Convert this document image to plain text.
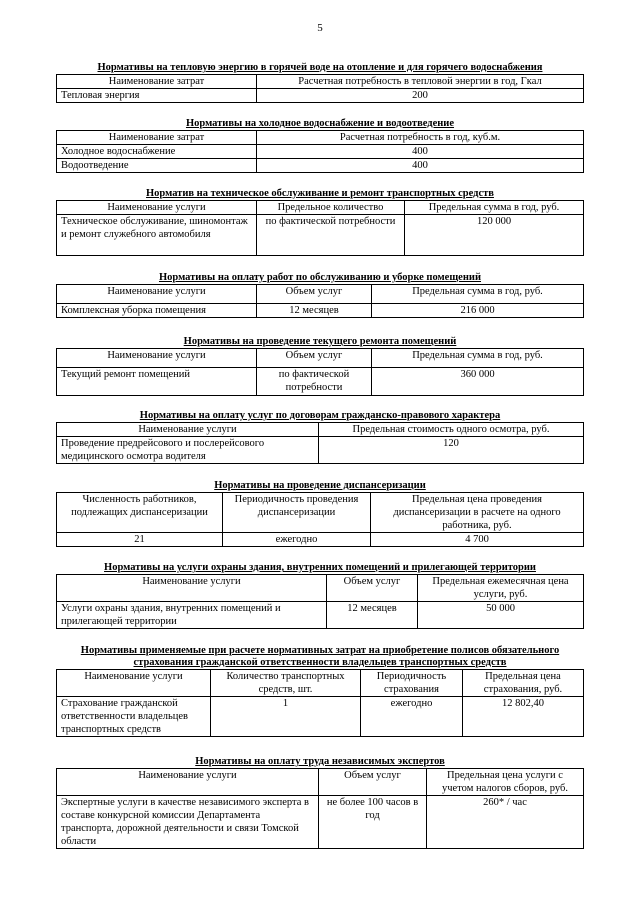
5
Нормативы на тепловую энергию в горячей воде на отопление и для горячего водоснабжения
Наименование затрат	Расчетная потребность в тепловой энергии в год, Гкал
Тепловая энергия	200
Нормативы на холодное водоснабжение и водоотведение
Наименование затрат	Расчетная потребность в год, куб.м.
Холодное водоснабжение	400
Водоотведение	400
Норматив на техническое обслуживание и ремонт транспортных средств
Наименование услуги	Предельное количество	Предельная сумма в год, руб.
Техническое обслуживание, шиномонтаж и ремонт служебного автомобиля	по фактической потребности	120 000
Нормативы на оплату работ по обслуживанию и уборке помещений
Наименование услуги	Объем услуг	Предельная сумма в год, руб.
Комплексная уборка помещения	12 месяцев	216 000
Нормативы на проведение текущего ремонта помещений
Наименование услуги	Объем услуг	Предельная сумма в год, руб.
Текущий ремонт помещений	по фактической потребности	360 000
Нормативы на оплату услуг по договорам гражданско-правового характера
Наименование услуги	Предельная стоимость одного осмотра, руб.
Проведение предрейсового и послерейсового медицинского осмотра водителя	120
Нормативы на проведение диспансеризации
Численность работников, подлежащих диспансеризации	Периодичность проведения диспансеризации	Предельная цена проведения диспансеризации в расчете на одного работника, руб.
21	ежегодно	4 700
Нормативы на услуги охраны здания, внутренних помещений и прилегающей территории
Наименование услуги	Объем услуг	Предельная ежемесячная цена услуги, руб.
Услуги охраны здания, внутренних помещений и прилегающей территории	12 месяцев	50 000
Нормативы применяемые при расчете нормативных затрат на приобретение полисов обязательного
страхования гражданской ответственности владельцев транспортных средств
Наименование услуги	Количество транспортных средств, шт.	Периодичность страхования	Предельная цена страхования, руб.
Страхование гражданской ответственности владельцев транспортных средств	1	ежегодно	12 802,40
Нормативы на оплату труда независимых экспертов
Наименование услуги	Объем услуг	Предельная цена услуги с учетом налогов сборов, руб.
Экспертные услуги в качестве независимого эксперта в составе конкурсной комиссии Департамента транспорта, дорожной деятельности и связи Томской области	не более 100 часов в год	260* / час
